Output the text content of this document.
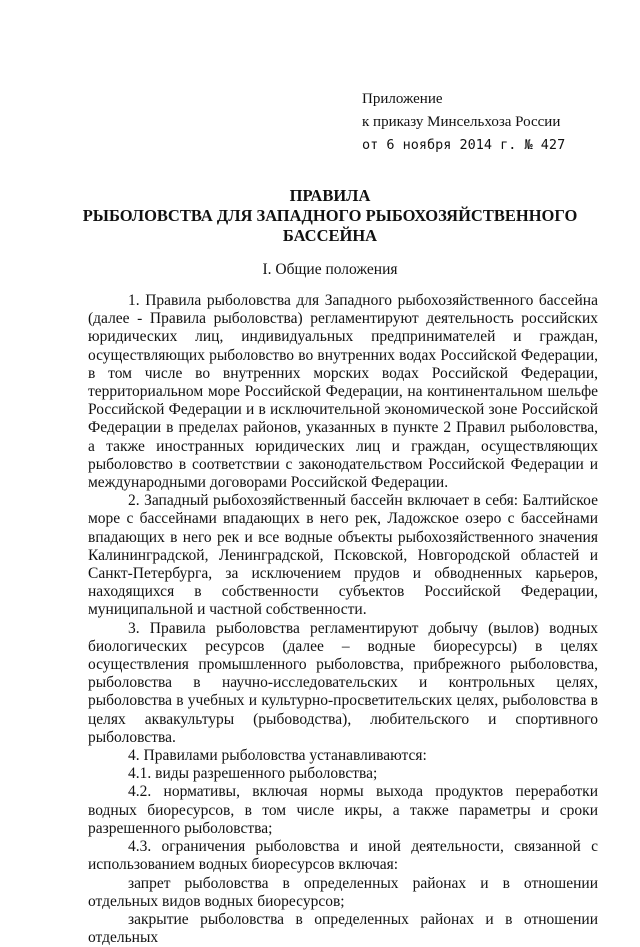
Приложение
к приказу Минсельхоза России
от 6 ноября 2014 г. № 427
ПРАВИЛА
РЫБОЛОВСТВА ДЛЯ ЗАПАДНОГО РЫБОХОЗЯЙСТВЕННОГО
БАССЕЙНА
I. Общие положения

1. Правила рыболовства для Западного рыбохозяйственного бассейна (далее - Правила рыболовства) регламентируют деятельность российских юридических лиц, индивидуальных предпринимателей и граждан, осуществляющих рыболовство во внутренних водах Российской Федерации, в том числе во внутренних морских водах Российской Федерации, территориальном море Российской Федерации, на континентальном шельфе Российской Федерации и в исключительной экономической зоне Российской Федерации в пределах районов, указанных в пункте 2 Правил рыболовства, а также иностранных юридических лиц и граждан, осуществляющих рыболовство в соответствии с законодательством Российской Федерации и международными договорами Российской Федерации.

2. Западный рыбохозяйственный бассейн включает в себя: Балтийское море с бассейнами впадающих в него рек, Ладожское озеро с бассейнами впадающих в него рек и все водные объекты рыбохозяйственного значения Калининградской, Ленинградской, Псковской, Новгородской областей и Санкт-Петербурга, за исключением прудов и обводненных карьеров, находящихся в собственности субъектов Российской Федерации, муниципальной и частной собственности.

3. Правила рыболовства регламентируют добычу (вылов) водных биологических ресурсов (далее – водные биоресурсы) в целях осуществления промышленного рыболовства, прибрежного рыболовства, рыболовства в научно-исследовательских и контрольных целях, рыболовства в учебных и культурно-просветительских целях, рыболовства в целях аквакультуры (рыбоводства), любительского и спортивного рыболовства.

4. Правилами рыболовства устанавливаются:

4.1. виды разрешенного рыболовства;

4.2. нормативы, включая нормы выхода продуктов переработки водных биоресурсов, в том числе икры, а также параметры и сроки разрешенного рыболовства;

4.3. ограничения рыболовства и иной деятельности, связанной с использованием водных биоресурсов включая:

запрет рыболовства в определенных районах и в отношении отдельных видов водных биоресурсов;

закрытие рыболовства в определенных районах и в отношении отдельных
